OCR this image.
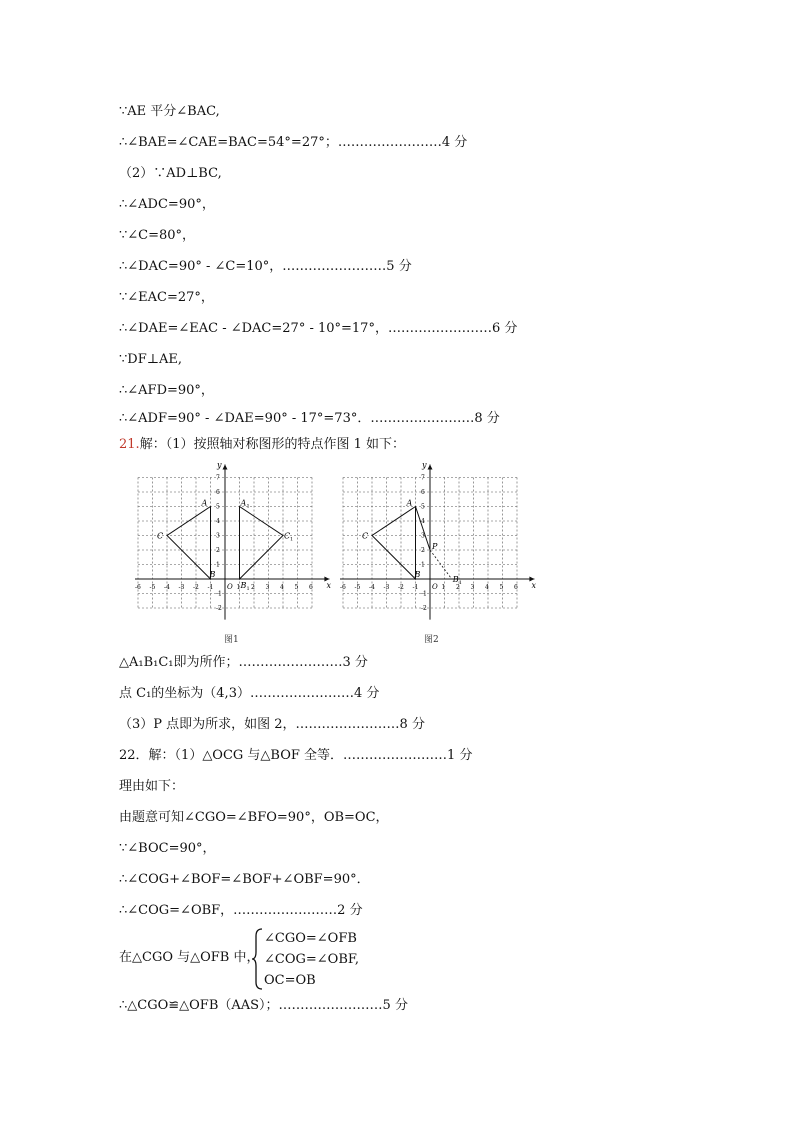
∵AE 平分∠BAC,
∴∠BAE=∠CAE=BAC=54°=27°；……………………4 分
（2）∵AD⊥BC,
∴∠ADC=90°，
∵∠C=80°，
∴∠DAC=90° - ∠C=10°，……………………5 分
∵∠EAC=27°，
∴∠DAE=∠EAC - ∠DAC=27° - 10°=17°，……………………6 分
∵DF⊥AE,
∴∠AFD=90°，
∴∠ADF=90° - ∠DAE=90° - 17°=73°．……………………8 分
21.解：（1）按照轴对称图形的特点作图 1 如下：
x
y
O
-6 -5 -4 -3 -2 -1	1 2 3 4 5 6
7
6
5
4
3
2
1
-1
-2
A
B
C
A 1
B 1
C 1
图1
x
y
O
-6 -5 -4 -3 -2 -1	1 2 3 4 5 6
7
6
5
4
3
2
1
-1
-2
A
B
C
P
B 1
图2
△A₁B₁C₁即为所作；……………………3 分
点 C₁的坐标为（4,3）……………………4 分
（3）P 点即为所求，如图 2，……………………8 分
22．解：（1）△OCG 与△BOF 全等．……………………1 分
理由如下：
由题意可知∠CGO=∠BFO=90°，OB=OC，
∵∠BOC=90°，
∴∠COG+∠BOF=∠BOF+∠OBF=90°．
∴∠COG=∠OBF，……………………2 分
在△CGO 与△OFB 中，
∠CGO=∠OFB
∠COG=∠OBF,
OC=OB
∴△CGO≌△OFB（AAS）；……………………5 分
